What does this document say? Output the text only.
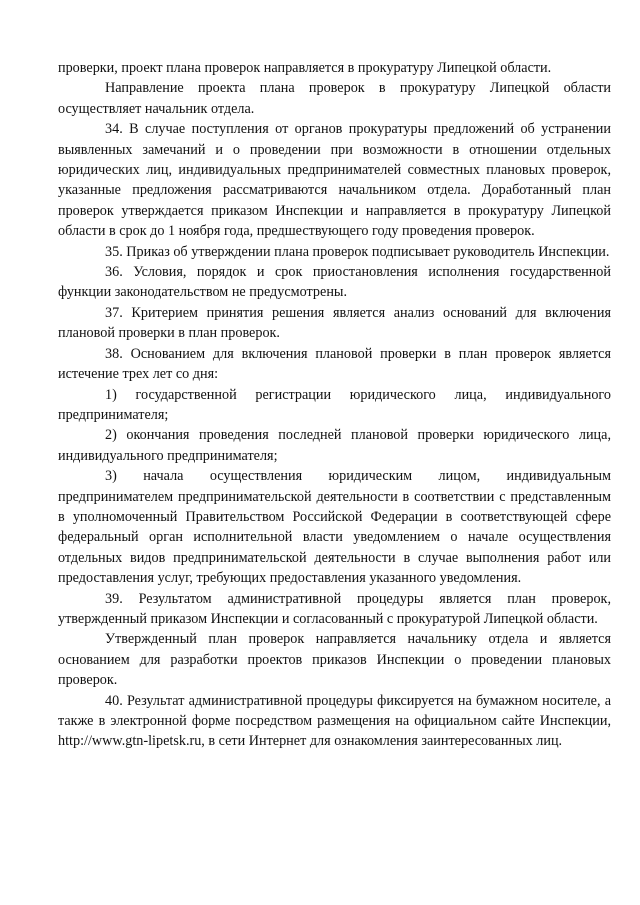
проверки, проект плана проверок направляется в прокуратуру Липецкой области.

Направление проекта плана проверок в прокуратуру Липецкой области осуществляет начальник отдела.

34. В случае поступления от органов прокуратуры предложений об устранении выявленных замечаний и о проведении при возможности в отношении отдельных юридических лиц, индивидуальных предпринимателей совместных плановых проверок, указанные предложения рассматриваются начальником отдела. Доработанный план проверок утверждается приказом Инспекции и направляется в прокуратуру Липецкой области в срок до 1 ноября года, предшествующего году проведения проверок.

35. Приказ об утверждении плана проверок подписывает руководитель Инспекции.

36. Условия, порядок и срок приостановления исполнения государственной функции законодательством не предусмотрены.

37. Критерием принятия решения является анализ оснований для включения плановой проверки в план проверок.

38. Основанием для включения плановой проверки в план проверок является истечение трех лет со дня:

1) государственной регистрации юридического лица, индивидуального предпринимателя;

2) окончания проведения последней плановой проверки юридического лица, индивидуального предпринимателя;

3) начала осуществления юридическим лицом, индивидуальным предпринимателем предпринимательской деятельности в соответствии с представленным в уполномоченный Правительством Российской Федерации в соответствующей сфере федеральный орган исполнительной власти уведомлением о начале осуществления отдельных видов предпринимательской деятельности в случае выполнения работ или предоставления услуг, требующих предоставления указанного уведомления.

39. Результатом административной процедуры является план проверок, утвержденный приказом Инспекции и согласованный с прокуратурой Липецкой области.

Утвержденный план проверок направляется начальнику отдела и является основанием для разработки проектов приказов Инспекции о проведении плановых проверок.

40. Результат административной процедуры фиксируется на бумажном носителе, а также в электронной форме посредством размещения на официальном сайте Инспекции, http://www.gtn-lipetsk.ru, в сети Интернет для ознакомления заинтересованных лиц.
